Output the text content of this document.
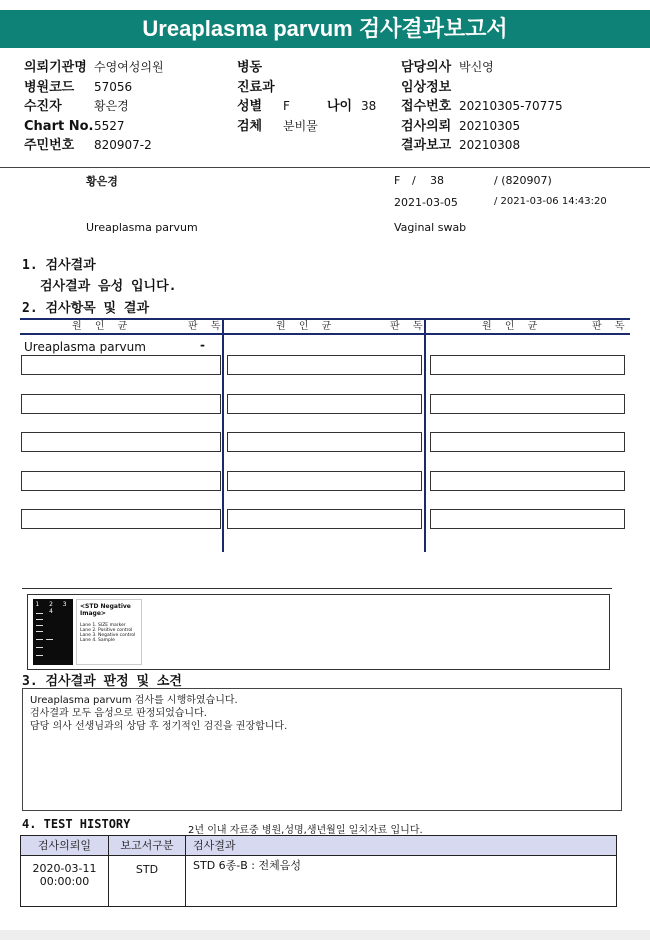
Ureaplasma parvum 검사결과보고서
의뢰기관명 수영여성의원
병원코드 57056
수진자	황은경
Chart No.5527
주민번호 820907-2
병동
진료과
성별 F	나이 38
검체 분비물
담당의사 박신영
임상정보
접수번호 20210305-70775
검사의뢰 20210305
결과보고 20210308
황은경	F / 38	/ (820907)
2021-03-05	/ 2021-03-06 14:43:20
Ureaplasma parvum	Vaginal swab
1. 검사결과
검사결과 음성 입니다.
2. 검사항목 및 결과
원 인 균	판 독	원 인 균	판 독	원 인 균	판 독
Ureaplasma parvum	-
1 2 3 4
<STD Negative Image>
Lane 1. SIZE marker
Lane 2. Positive control
Lane 3. Negative control
Lane 4. Sample
3. 검사결과 판정 및 소견
Ureaplasma parvum 검사를 시행하였습니다.
검사결과 모두 음성으로 판정되었습니다.
담당 의사 선생님과의 상담 후 정기적인 검진을 권장합니다.
4. TEST HISTORY	2년 이내 자료중 병원,성명,생년월일 일치자료 입니다.
검사의뢰일	보고서구분	검사결과
2020-03-11
00:00:00
STD	STD 6종-B : 전체음성
